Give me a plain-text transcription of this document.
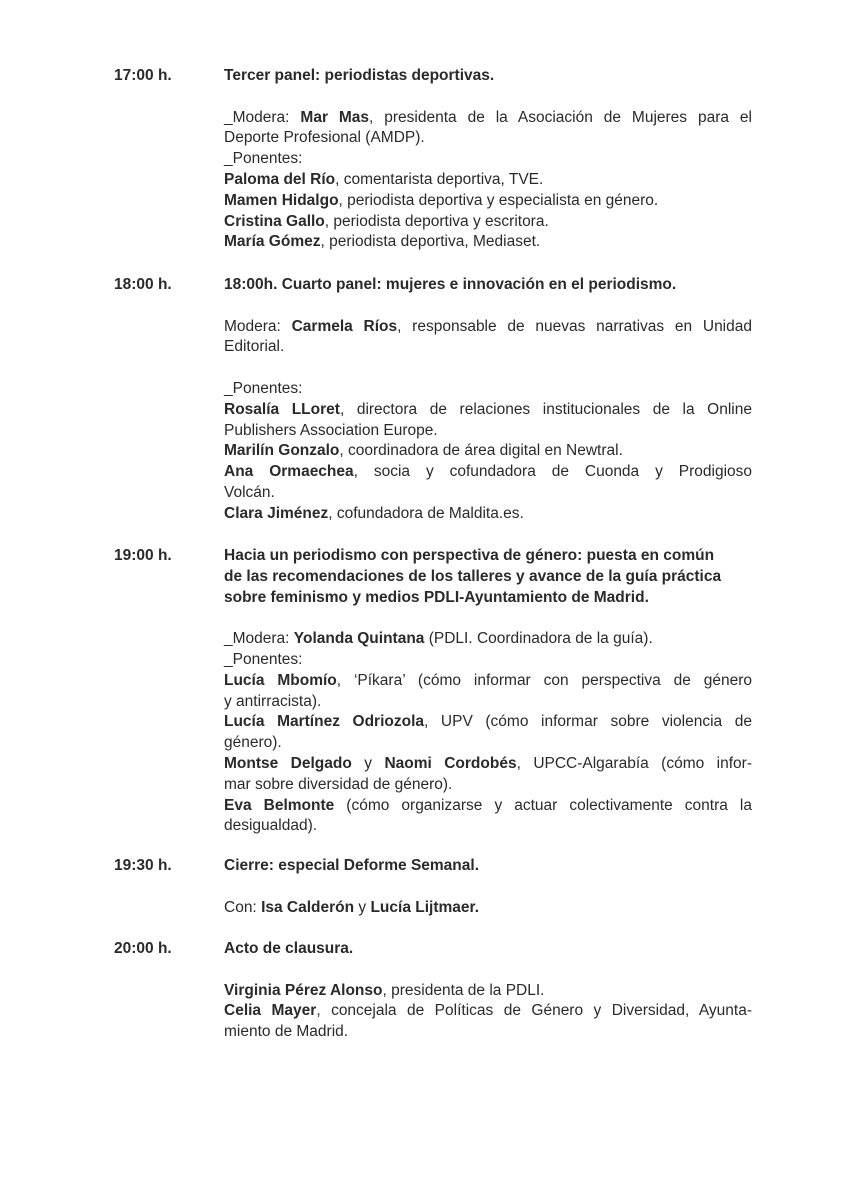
17:00 h.	Tercer panel: periodistas deportivas.
_Modera: Mar Mas, presidenta de la Asociación de Mujeres para el
Deporte Profesional (AMDP).
_Ponentes:
Paloma del Río, comentarista deportiva, TVE.
Mamen Hidalgo, periodista deportiva y especialista en género.
Cristina Gallo, periodista deportiva y escritora.
María Gómez, periodista deportiva, Mediaset.
18:00 h.	18:00h. Cuarto panel: mujeres e innovación en el periodismo.
Modera: Carmela Ríos, responsable de nuevas narrativas en Unidad
Editorial.
_Ponentes:
Rosalía LLoret, directora de relaciones institucionales de la Online
Publishers Association Europe.
Marilín Gonzalo, coordinadora de área digital en Newtral.
Ana Ormaechea, socia y cofundadora de Cuonda y Prodigioso
Volcán.
Clara Jiménez, cofundadora de Maldita.es.
19:00 h.	Hacia un periodismo con perspectiva de género: puesta en común
de las recomendaciones de los talleres y avance de la guía práctica
sobre feminismo y medios PDLI-Ayuntamiento de Madrid.
_Modera: Yolanda Quintana (PDLI. Coordinadora de la guía).
_Ponentes:
Lucía Mbomío, ‘Píkara’ (cómo informar con perspectiva de género
y antirracista).
Lucía Martínez Odriozola, UPV (cómo informar sobre violencia de
género).
Montse Delgado y Naomi Cordobés, UPCC-Algarabía (cómo infor-
mar sobre diversidad de género).
Eva Belmonte (cómo organizarse y actuar colectivamente contra la
desigualdad).
19:30 h.	Cierre: especial Deforme Semanal.
Con: Isa Calderón y Lucía Lijtmaer.
20:00 h.	Acto de clausura.
Virginia Pérez Alonso, presidenta de la PDLI.
Celia Mayer, concejala de Políticas de Género y Diversidad, Ayunta-
miento de Madrid.
